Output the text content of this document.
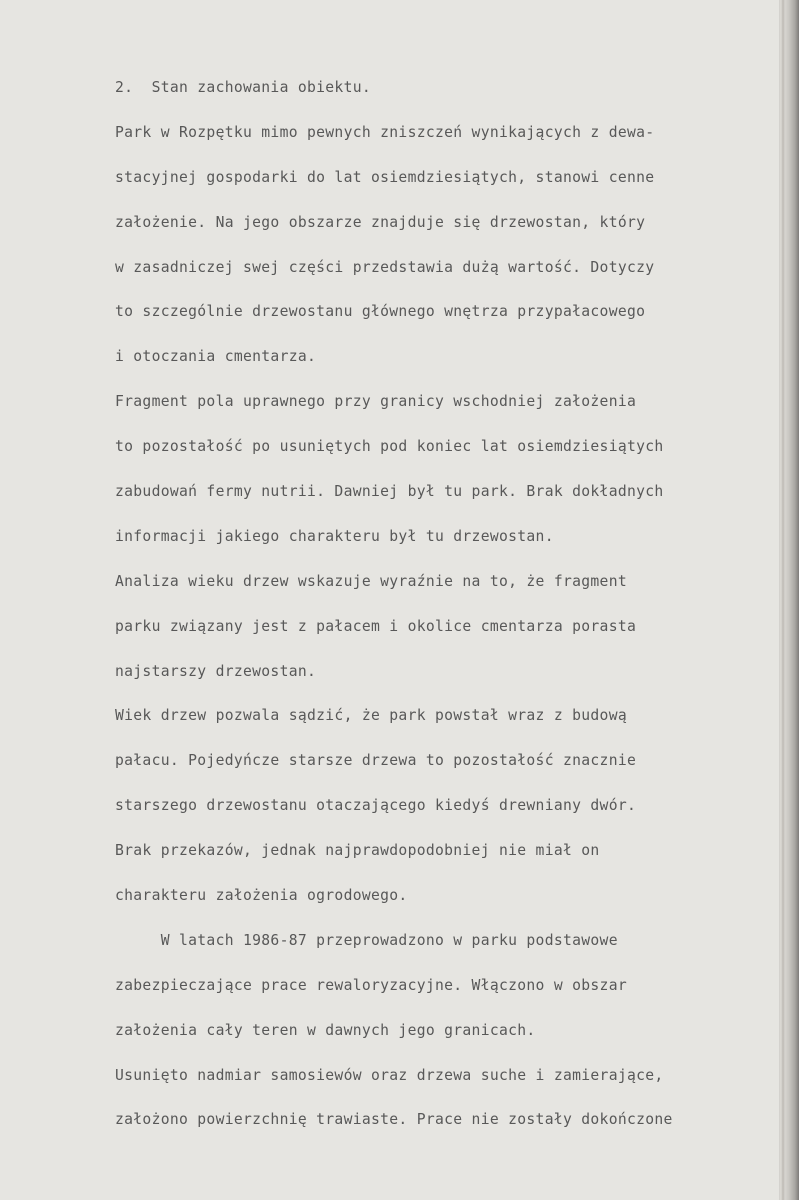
2.  Stan zachowania obiektu.
Park w Rozpętku mimo pewnych zniszczeń wynikających z dewa-
stacyjnej gospodarki do lat osiemdziesiątych, stanowi cenne
założenie. Na jego obszarze znajduje się drzewostan, który
w zasadniczej swej części przedstawia dużą wartość. Dotyczy
to szczególnie drzewostanu głównego wnętrza przypałacowego
i otoczania cmentarza.
Fragment pola uprawnego przy granicy wschodniej założenia
to pozostałość po usuniętych pod koniec lat osiemdziesiątych
zabudowań fermy nutrii. Dawniej był tu park. Brak dokładnych
informacji jakiego charakteru był tu drzewostan.
Analiza wieku drzew wskazuje wyraźnie na to, że fragment
parku związany jest z pałacem i okolice cmentarza porasta
najstarszy drzewostan.
Wiek drzew pozwala sądzić, że park powstał wraz z budową
pałacu. Pojedyńcze starsze drzewa to pozostałość znacznie
starszego drzewostanu otaczającego kiedyś drewniany dwór.
Brak przekazów, jednak najprawdopodobniej nie miał on
charakteru założenia ogrodowego.
W latach 1986-87 przeprowadzono w parku podstawowe
zabezpieczające prace rewaloryzacyjne. Włączono w obszar
założenia cały teren w dawnych jego granicach.
Usunięto nadmiar samosiewów oraz drzewa suche i zamierające,
założono powierzchnię trawiaste. Prace nie zostały dokończone
